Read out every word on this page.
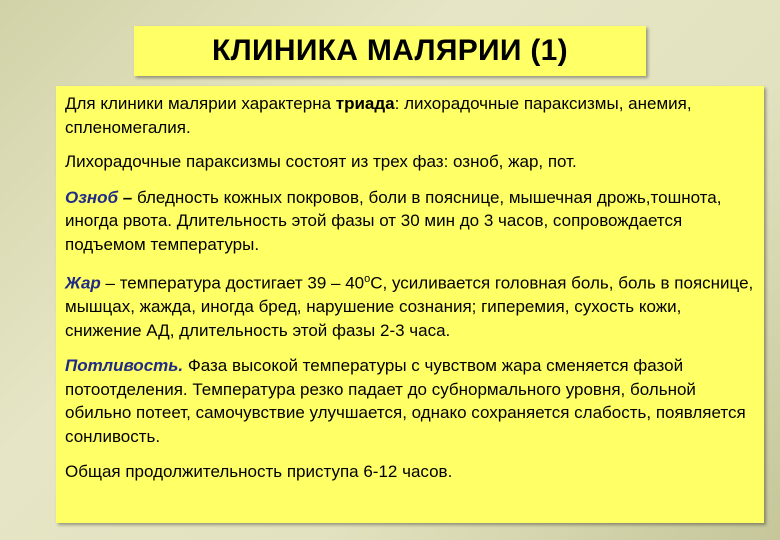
КЛИНИКА МАЛЯРИИ (1)

Для клиники малярии характерна триада: лихорадочные параксизмы, анемия, спленомегалия.

Лихорадочные параксизмы состоят из трех фаз: озноб, жар, пот.

Озноб – бледность кожных покровов, боли в пояснице, мышечная дрожь,тошнота, иногда рвота. Длительность этой фазы от 30 мин до 3 часов, сопровождается подъемом температуры.

Жар – температура достигает $39 - 40^оС$, усиливается головная боль, боль в пояснице, мышцах, жажда, иногда бред, нарушение сознания; гиперемия, сухость кожи, снижение АД, длительность этой фазы 2-3 часа.

Потливость. Фаза высокой температуры с чувством жара сменяется фазой потоотделения. Температура резко падает до субнормального уровня, больной обильно потеет, самочувствие улучшается, однако сохраняется слабость, появляется сонливость.

Общая продолжительность приступа 6-12 часов.
